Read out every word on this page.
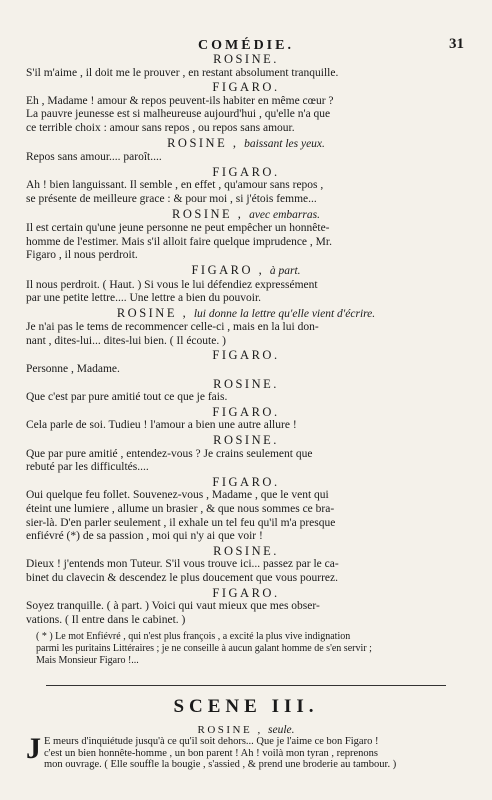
COMÉDIE.	31
ROSINE.
S'il m'aime , il doit me le prouver , en restant absolument tranquille.
FIGARO.
Eh , Madame ! amour & repos peuvent-ils habiter en même cœur ?
La pauvre jeunesse est si malheureuse aujourd'hui , qu'elle n'a que
ce terrible choix : amour sans repos , ou repos sans amour.
ROSINE , baissant les yeux.
Repos sans amour.... paroît....
FIGARO.
Ah ! bien languissant. Il semble , en effet , qu'amour sans repos ,
se présente de meilleure grace : & pour moi , si j'étois femme...
ROSINE , avec embarras.
Il est certain qu'une jeune personne ne peut empêcher un honnête-
homme de l'estimer. Mais s'il alloit faire quelque imprudence , Mr.
Figaro , il nous perdroit.
FIGARO , à part.
Il nous perdroit. ( Haut. ) Si vous le lui défendiez expressément
par une petite lettre.... Une lettre a bien du pouvoir.
ROSINE , lui donne la lettre qu'elle vient d'écrire.
Je n'ai pas le tems de recommencer celle-ci , mais en la lui don-
nant , dites-lui... dites-lui bien. ( Il écoute. )
FIGARO.
Personne , Madame.
ROSINE.
Que c'est par pure amitié tout ce que je fais.
FIGARO.
Cela parle de soi. Tudieu ! l'amour a bien une autre allure !
ROSINE.
Que par pure amitié , entendez-vous ? Je crains seulement que
rebuté par les difficultés....
FIGARO.
Oui quelque feu follet. Souvenez-vous , Madame , que le vent qui
éteint une lumiere , allume un brasier , & que nous sommes ce bra-
sier-là. D'en parler seulement , il exhale un tel feu qu'il m'a presque
enfiévré (*) de sa passion , moi qui n'y ai que voir !
ROSINE.
Dieux ! j'entends mon Tuteur. S'il vous trouve ici... passez par le ca-
binet du clavecin & descendez le plus doucement que vous pourrez.
FIGARO.
Soyez tranquille. ( à part. ) Voici qui vaut mieux que mes obser-
vations. ( Il entre dans le cabinet. )
( * ) Le mot Enfiévré , qui n'est plus françois , a excité la plus vive indignation
parmi les puritains Littéraires ; je ne conseille à aucun galant homme de s'en servir ;
Mais Monsieur Figaro !...
SCENE III.
ROSINE , seule.
J E meurs d'inquiétude jusqu'à ce qu'il soit dehors... Que je l'aime ce bon Figaro !
c'est un bien honnête-homme , un bon parent ! Ah ! voilà mon tyran , reprenons
mon ouvrage. ( Elle souffle la bougie , s'assied , & prend une broderie au tambour. )
